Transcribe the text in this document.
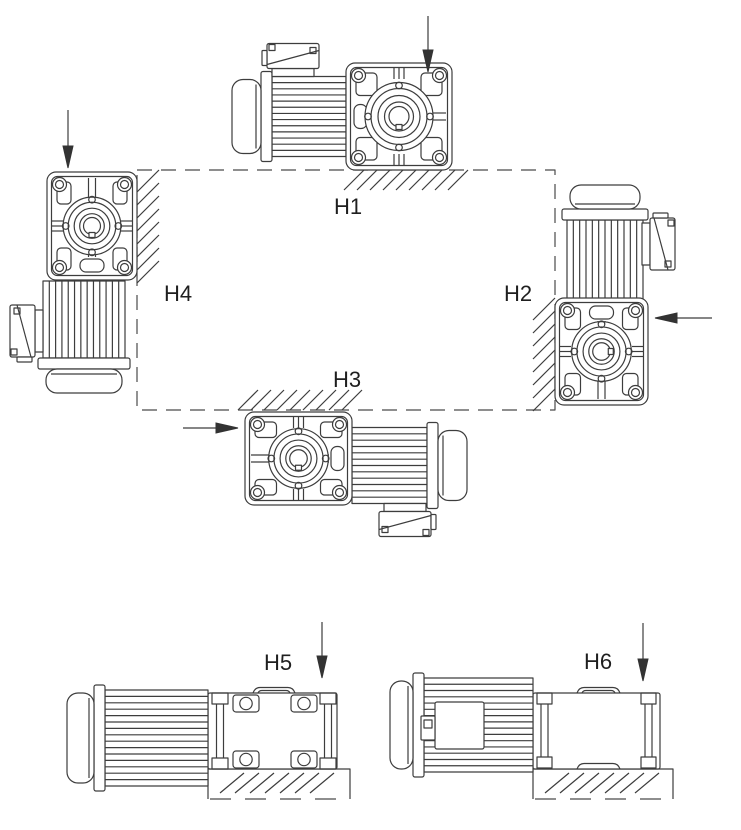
H1
H2
H3
H4
H5	H6
